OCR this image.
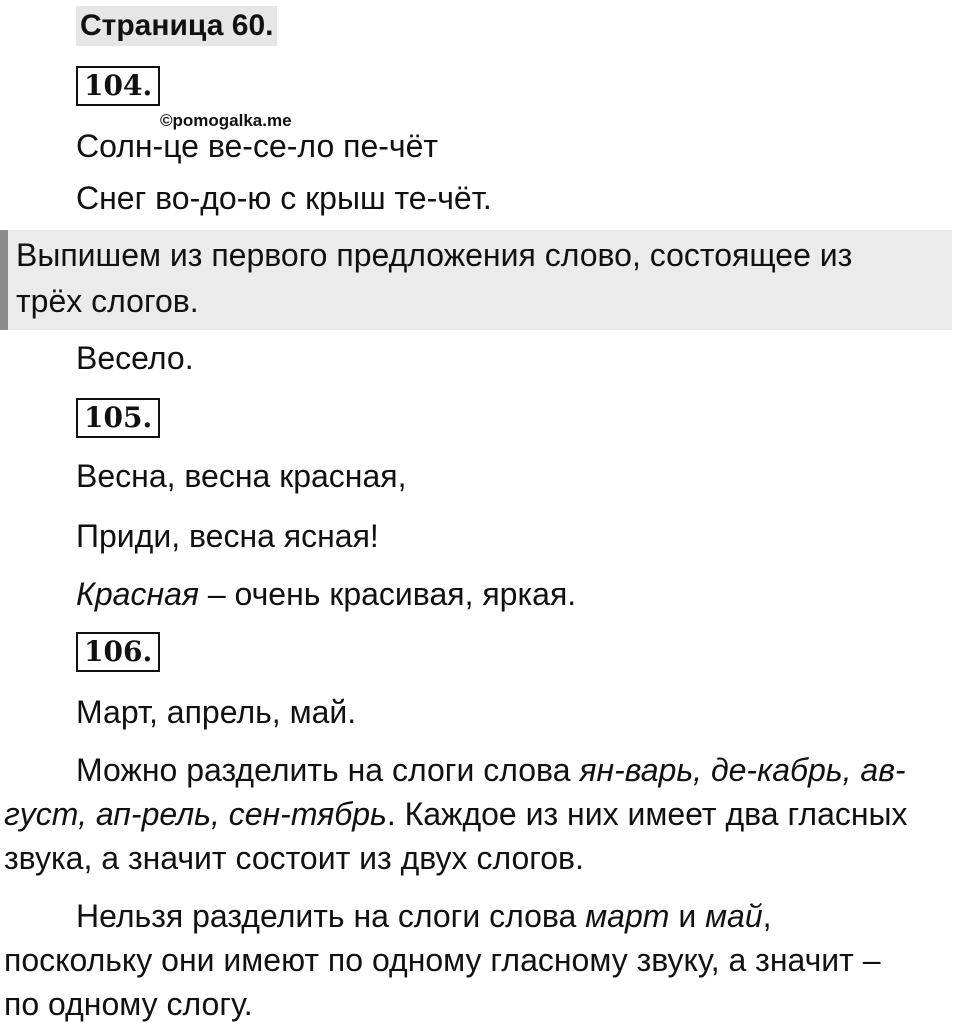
Страница 60.
104.
©pomogalka.me
Солн-це ве-се-ло пе-чёт
Снег во-до-ю с крыш те-чёт.
Выпишем из первого предложения слово, состоящее из
трёх слогов.
Весело.
105.
Весна, весна красная,
Приди, весна ясная!
Красная – очень красивая, яркая.
106.
Март, апрель, май.
Можно разделить на слоги слова ян-варь, де-кабрь, ав-
густ, ап-рель, сен-тябрь. Каждое из них имеет два гласных
звука, а значит состоит из двух слогов.
Нельзя разделить на слоги слова март и май,
поскольку они имеют по одному гласному звуку, а значит –
по одному слогу.
